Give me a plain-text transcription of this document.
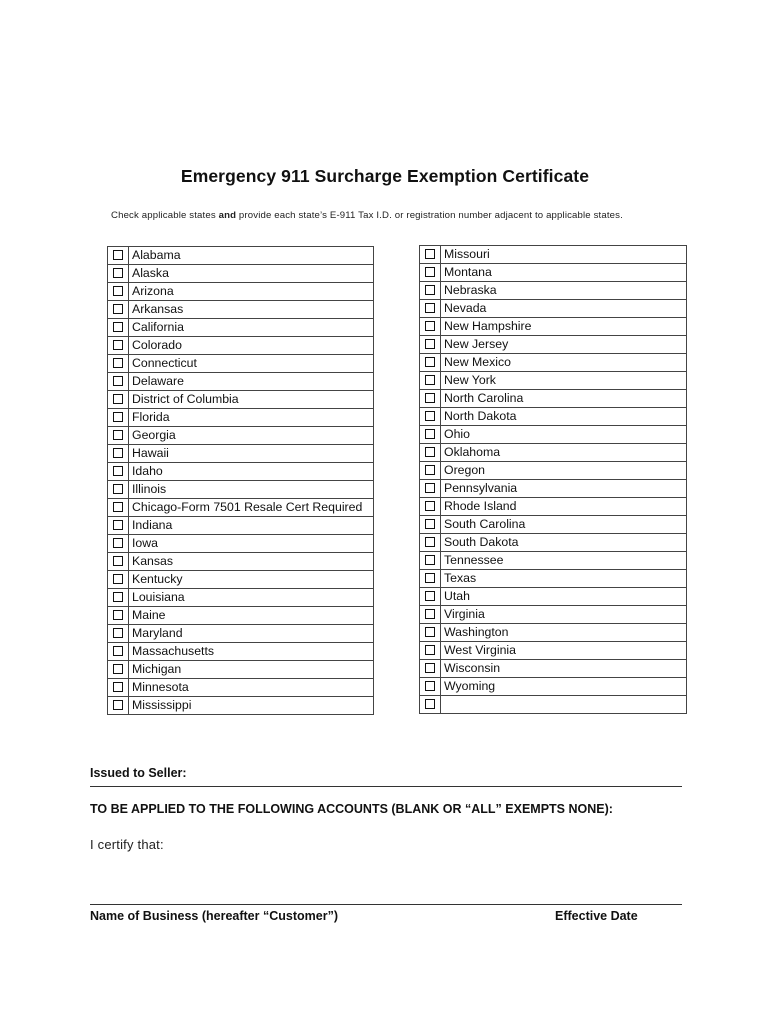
Emergency 911 Surcharge Exemption Certificate
Check applicable states and provide each state’s E-911 Tax I.D. or registration number adjacent to applicable states.
	Alabama
	Alaska
	Arizona
	Arkansas
	California
	Colorado
	Connecticut
	Delaware
	District of Columbia
	Florida
	Georgia
	Hawaii
	Idaho
	Illinois
	Chicago-Form 7501 Resale Cert Required
	Indiana
	Iowa
	Kansas
	Kentucky
	Louisiana
	Maine
	Maryland
	Massachusetts
	Michigan
	Minnesota
	Mississippi
	Missouri
	Montana
	Nebraska
	Nevada
	New Hampshire
	New Jersey
	New Mexico
	New York
	North Carolina
	North Dakota
	Ohio
	Oklahoma
	Oregon
	Pennsylvania
	Rhode Island
	South Carolina
	South Dakota
	Tennessee
	Texas
	Utah
	Virginia
	Washington
	West Virginia
	Wisconsin
	Wyoming

Issued to Seller:
TO BE APPLIED TO THE FOLLOWING ACCOUNTS (BLANK OR “ALL” EXEMPTS NONE):
I certify that:
Name of Business (hereafter “Customer”)	Effective Date
